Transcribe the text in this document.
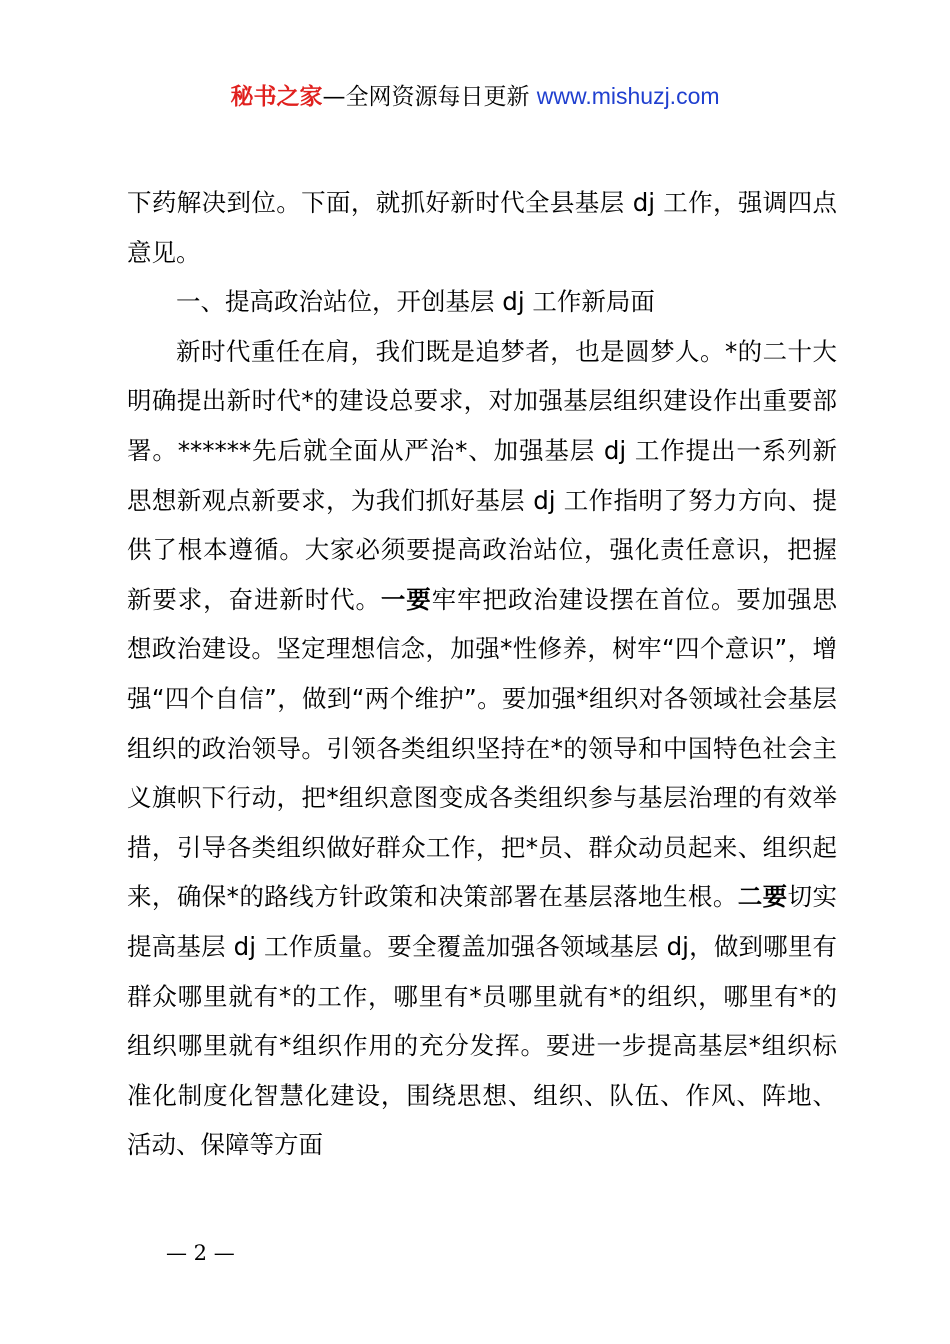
秘书之家—全网资源每日更新 www.mishuzj.com

下药解决到位。下面，就抓好新时代全县基层 dj 工作，强调四点意见。

一、提高政治站位，开创基层 dj 工作新局面

新时代重任在肩，我们既是追梦者，也是圆梦人。*的二十大明确提出新时代*的建设总要求，对加强基层组织建设作出重要部署。******先后就全面从严治*、加强基层 dj 工作提出一系列新思想新观点新要求，为我们抓好基层 dj 工作指明了努力方向、提供了根本遵循。大家必须要提高政治站位，强化责任意识，把握新要求，奋进新时代。一要牢牢把政治建设摆在首位。要加强思想政治建设。坚定理想信念，加强*性修养，树牢“四个意识”，增强“四个自信”，做到“两个维护”。要加强*组织对各领域社会基层组织的政治领导。引领各类组织坚持在*的领导和中国特色社会主义旗帜下行动，把*组织意图变成各类组织参与基层治理的有效举措，引导各类组织做好群众工作，把*员、群众动员起来、组织起来，确保*的路线方针政策和决策部署在基层落地生根。二要切实提高基层 dj 工作质量。要全覆盖加强各领域基层 dj，做到哪里有群众哪里就有*的工作，哪里有*员哪里就有*的组织，哪里有*的组织哪里就有*组织作用的充分发挥。要进一步提高基层*组织标准化制度化智慧化建设，围绕思想、组织、队伍、作风、阵地、活动、保障等方面

— 2 —
